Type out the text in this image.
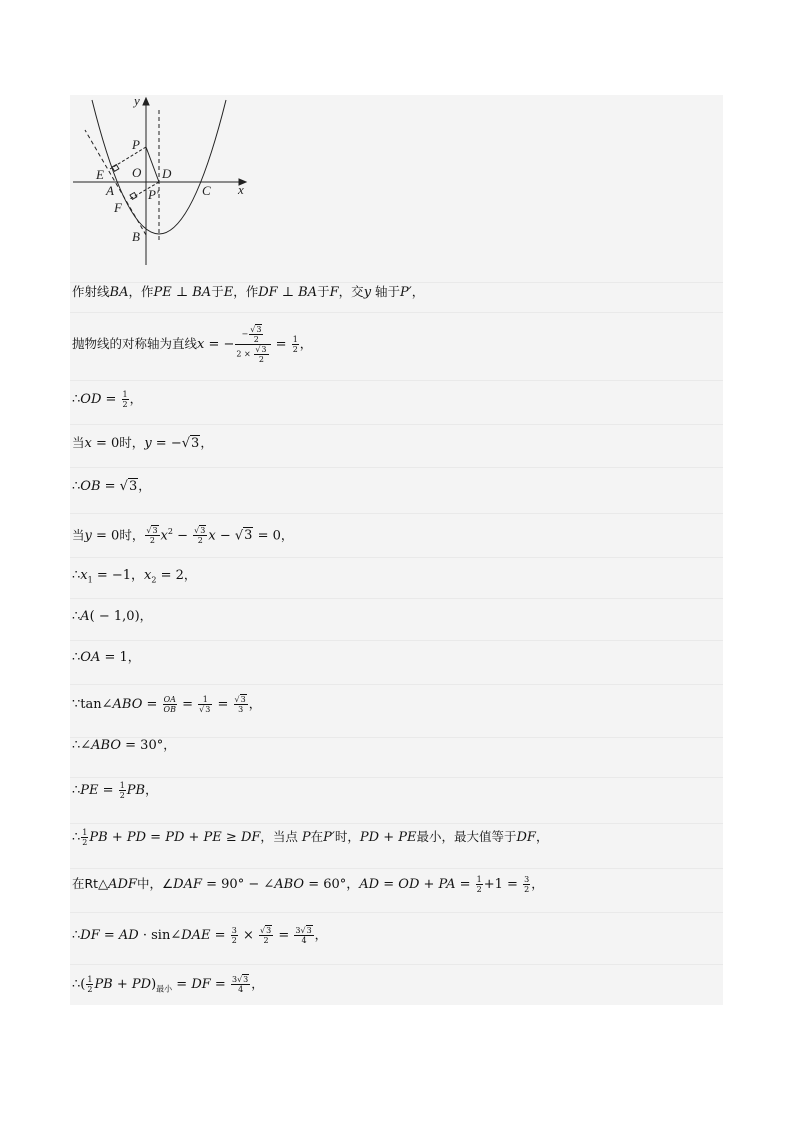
y
x
P
O D
E
A	P′	C
F
B
作射线BA，作PE ⊥ BA于E，作DF ⊥ BA于F，交y 轴于P′，
抛物线的对称轴为直线x = − $\frac{- \frac{√3}{2}}{2 \times \frac{√3}{2}} = \frac{1}{2}$ ，
∴OD = $\frac{1}{2}$ ，
当x = 0时，y = −√3，
∴OB = √3，
当y = 0时， $\frac{√3}{2} x^2 - \frac{√3}{2}$ x − √3 = 0，
$\therefore x_1 = -1$，$x_2 = 2$，
∴A( − 1,0)，
∴OA = 1，
∵tan∠ABO = $\frac{OA}{OB} = \frac{1}{√3} = \frac{√3}{3}$ ，
∴∠ABO = 30°，
∴PE = $\frac{1}{2}$ PB，
∴ $\frac{1}{2}$ PB + PD = PD + PE ≥ DF，当点 P在P′时，PD + PE最小，最大值等于DF，
在Rt△ADF中，∠DAF = 90° − ∠ABO = 60°，AD = OD + PA = $\frac{1}{2} +1 = \frac{3}{2}$ ，
∴DF = AD · sin∠DAE = $\frac{3}{2} \times \frac{√3}{2} = \frac{3√3}{4}$ ，
∴( $\frac{1}{2}$ PB + $PD)_{最小}$ = DF = $\frac{3√3}{4}$ ，
